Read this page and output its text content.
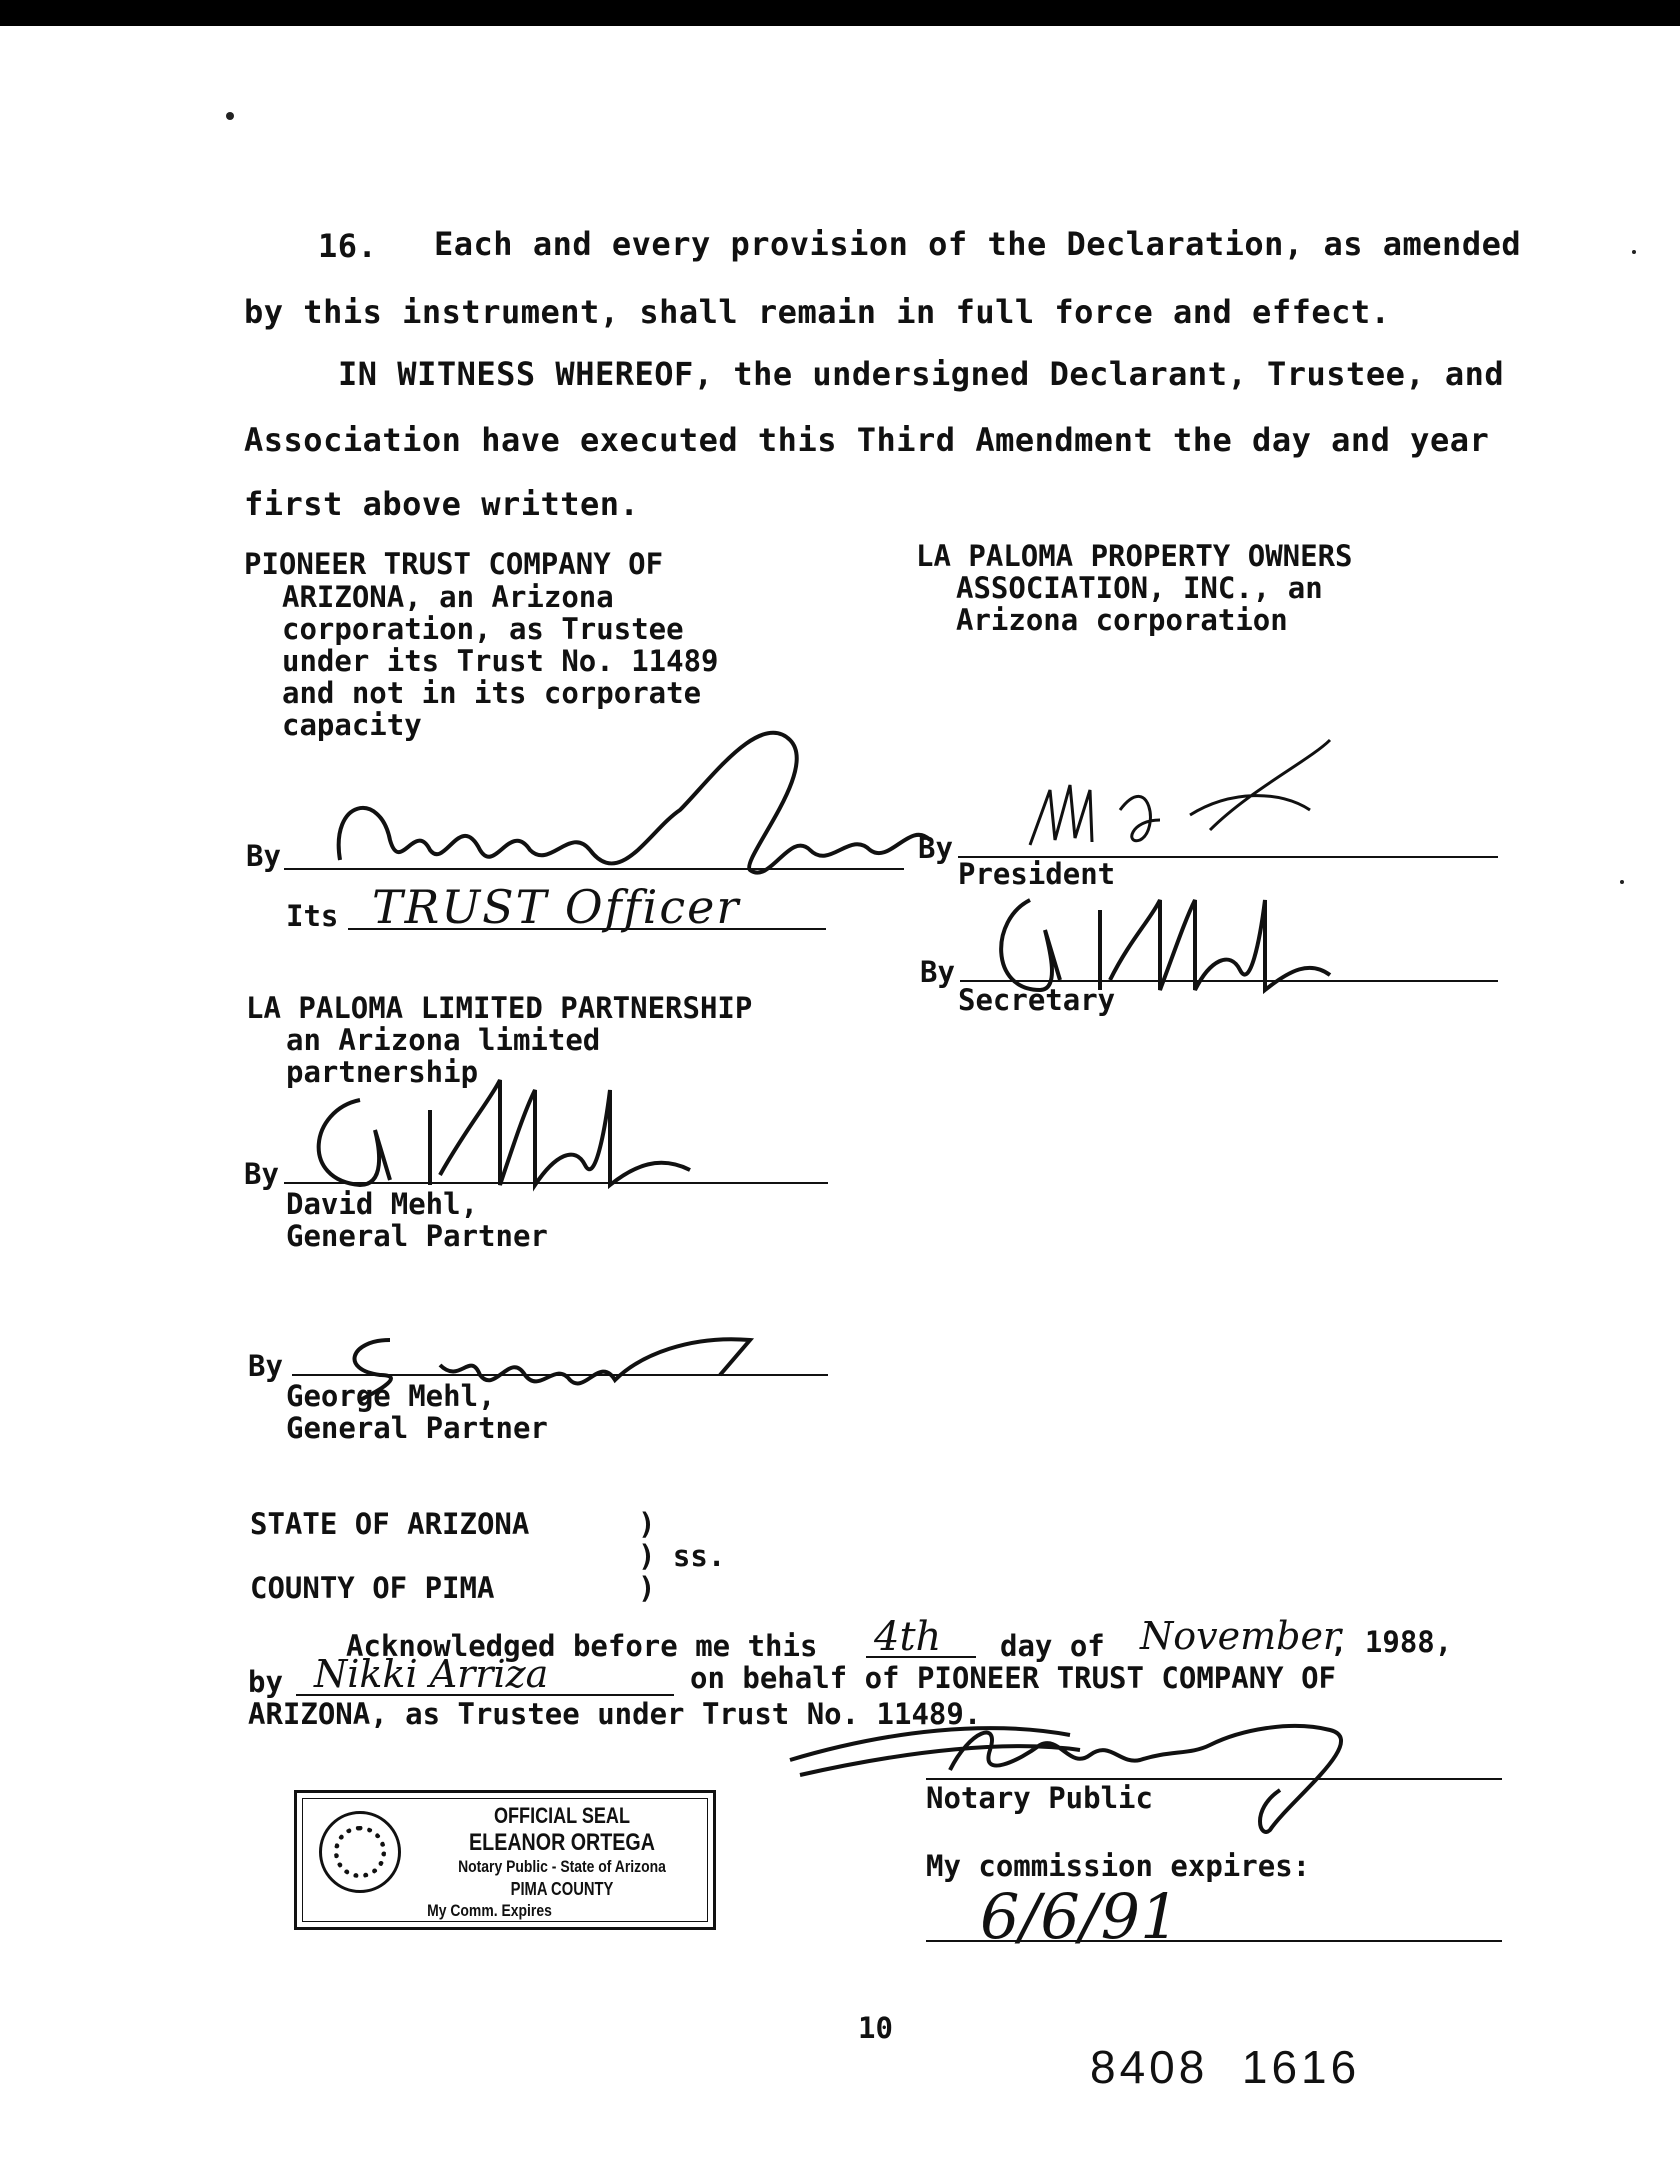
16. Each and every provision of the Declaration, as amended
by this instrument, shall remain in full force and effect.
IN WITNESS WHEREOF, the undersigned Declarant, Trustee, and
Association have executed this Third Amendment the day and year
first above written.
PIONEER TRUST COMPANY OF
ARIZONA, an Arizona
corporation, as Trustee
under its Trust No. 11489
and not in its corporate
capacity
By
Its TRUST Officer
LA PALOMA PROPERTY OWNERS
ASSOCIATION, INC., an
Arizona corporation
By
President
By
Secretary
LA PALOMA LIMITED PARTNERSHIP
an Arizona limited
partnership
By
David Mehl,
General Partner
By
George Mehl,
General Partner
STATE OF ARIZONA	)
) ss.
COUNTY OF PIMA	)
Acknowledged before me this 4th day of November
, 1988,
by Nikki Arriza	on behalf of PIONEER TRUST COMPANY OF
ARIZONA, as Trustee under Trust No. 11489.
Notary Public
My commission expires:
6/6/91
OFFICIAL SEAL
ELEANOR ORTEGA
Notary Public - State of Arizona
PIMA COUNTY
My Comm. Expires
10
8408  1616
